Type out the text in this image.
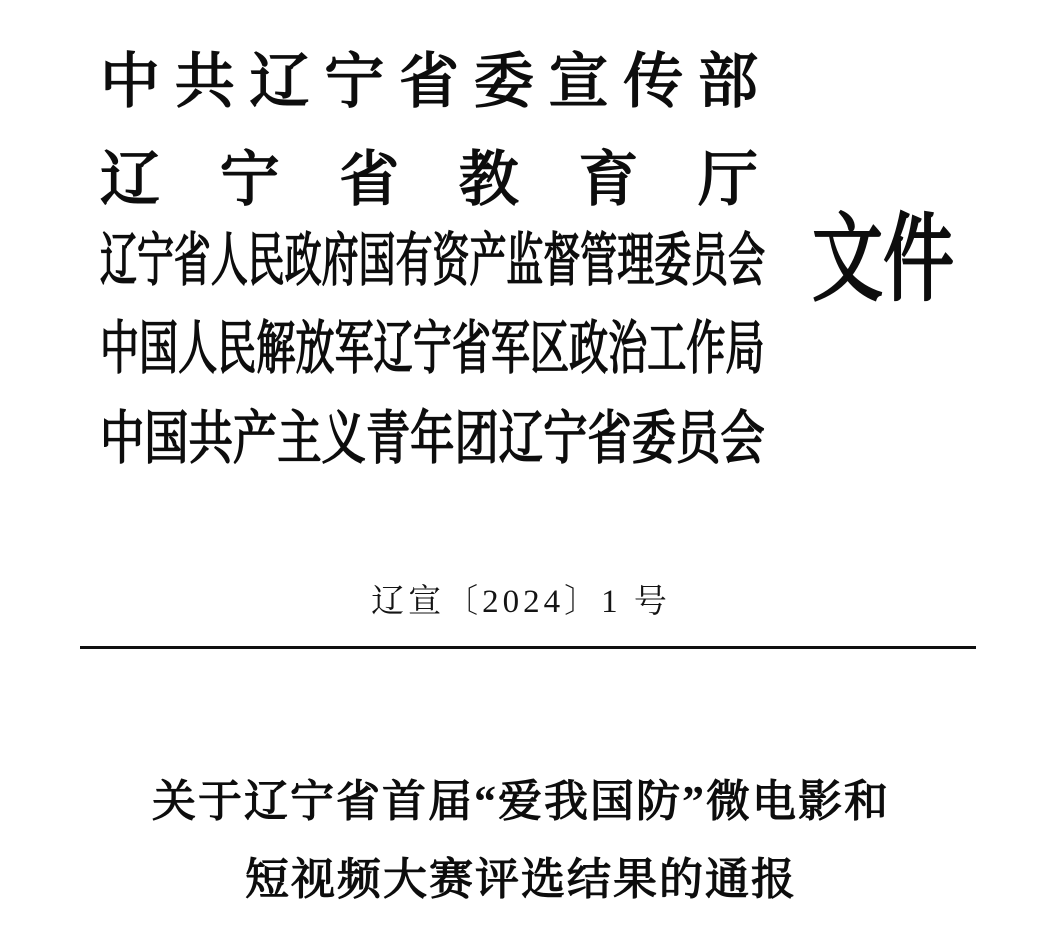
中 共 辽 宁 省 委 宣 传 部
辽 宁 省 教 育 厅
辽宁省人民政府国有资产监督管理委员会
中国人民解放军辽宁省军区政治工作局
中国共产主义青年团辽宁省委员会
文件
辽宣〔2024〕1 号
关于辽宁省首届“爱我国防”微电影和
短视频大赛评选结果的通报
